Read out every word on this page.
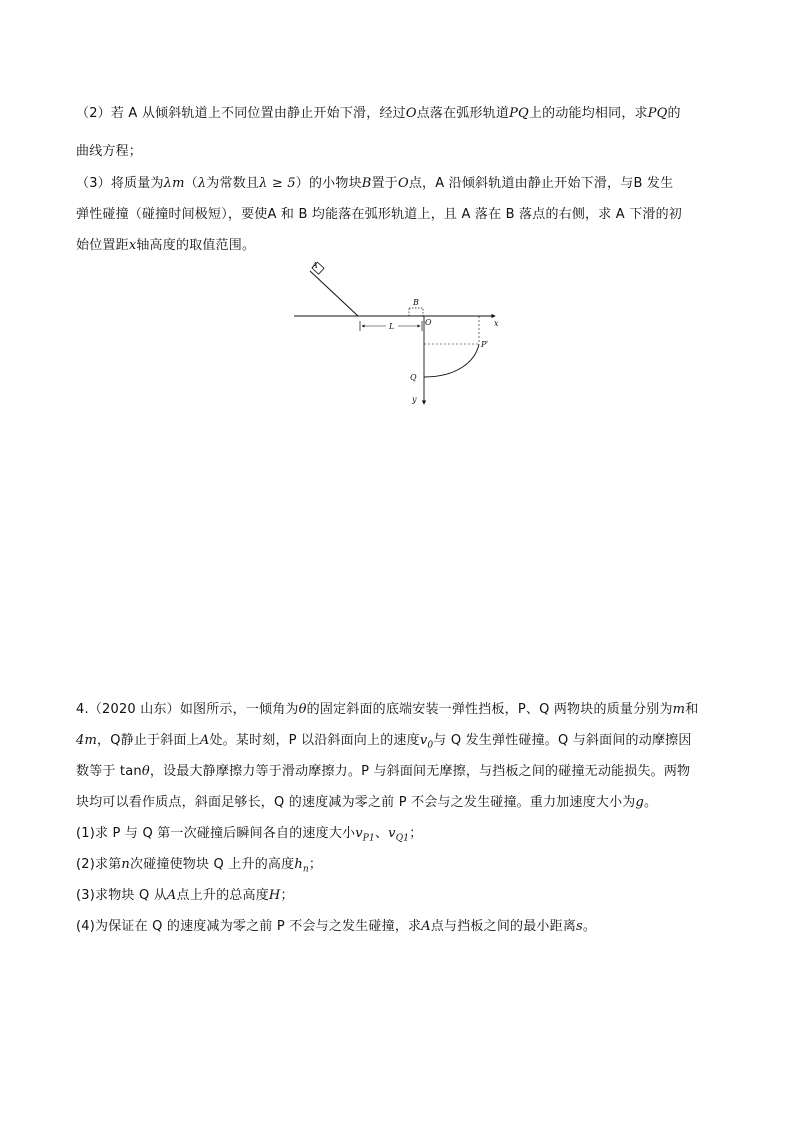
（2）若 A 从倾斜轨道上不同位置由静止开始下滑，经过O点落在弧形轨道PQ上的动能均相同，求PQ的
曲线方程；
（3）将质量为λm（λ为常数且λ ≥ 5）的小物块B置于O点，A 沿倾斜轨道由静止开始下滑，与B 发生
弹性碰撞（碰撞时间极短），要使A 和 B 均能落在弧形轨道上，且 A 落在 B 落点的右侧，求 A 下滑的初
始位置距x轴高度的取值范围。
A
x
y
B
O
L
Q
P′
4.（2020 山东）如图所示，一倾角为θ的固定斜面的底端安装一弹性挡板，P、Q 两物块的质量分别为m和
4m，Q静止于斜面上A处。某时刻，P 以沿斜面向上的速度$v_0$与 Q 发生弹性碰撞。Q 与斜面间的动摩擦因
数等于 tanθ，设最大静摩擦力等于滑动摩擦力。P 与斜面间无摩擦，与挡板之间的碰撞无动能损失。两物
块均可以看作质点，斜面足够长，Q 的速度减为零之前 P 不会与之发生碰撞。重力加速度大小为g。
(1)求 P 与 Q 第一次碰撞后瞬间各自的速度大小$v_{P1}$、$v_{Q1}$；
(2)求第n次碰撞使物块 Q 上升的高度$h_n$；
(3)求物块 Q 从A点上升的总高度H；
(4)为保证在 Q 的速度减为零之前 P 不会与之发生碰撞，求A点与挡板之间的最小距离s。
